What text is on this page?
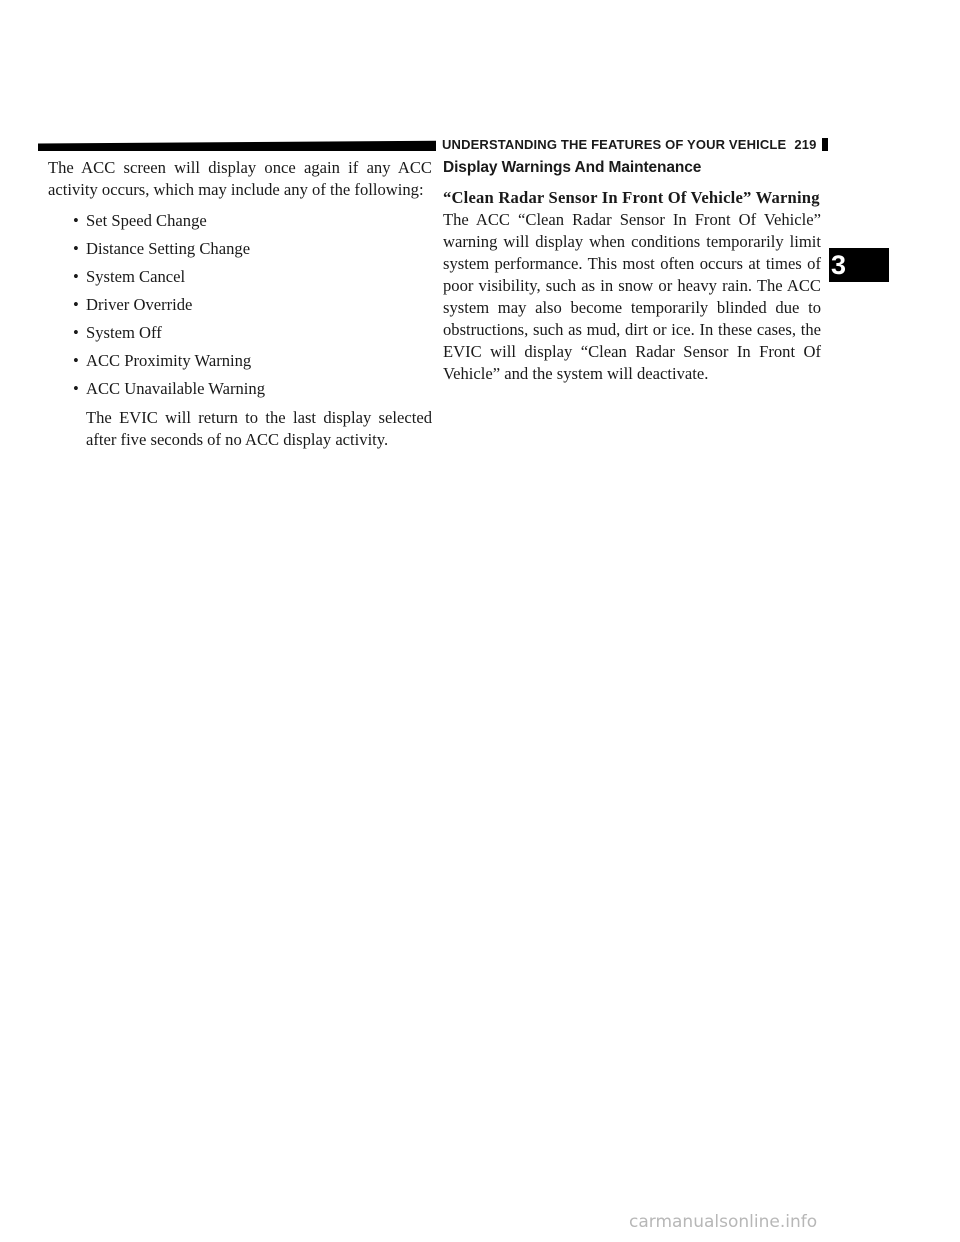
UNDERSTANDING THE FEATURES OF YOUR VEHICLE 219

The ACC screen will display once again if any ACC activity occurs, which may include any of the following:

• Set Speed Change
• Distance Setting Change
• System Cancel
• Driver Override
• System Off
• ACC Proximity Warning
• ACC Unavailable Warning

The EVIC will return to the last display selected after five seconds of no ACC display activity.

Display Warnings And Maintenance
“Clean Radar Sensor In Front Of Vehicle” Warning

The ACC “Clean Radar Sensor In Front Of Vehicle” warning will display when conditions temporarily limit system performance. This most often occurs at times of poor visibility, such as in snow or heavy rain. The ACC system may also become temporarily blinded due to obstructions, such as mud, dirt or ice. In these cases, the EVIC will display “Clean Radar Sensor In Front Of Vehicle” and the system will deactivate.

3
carmanualsonline.info
